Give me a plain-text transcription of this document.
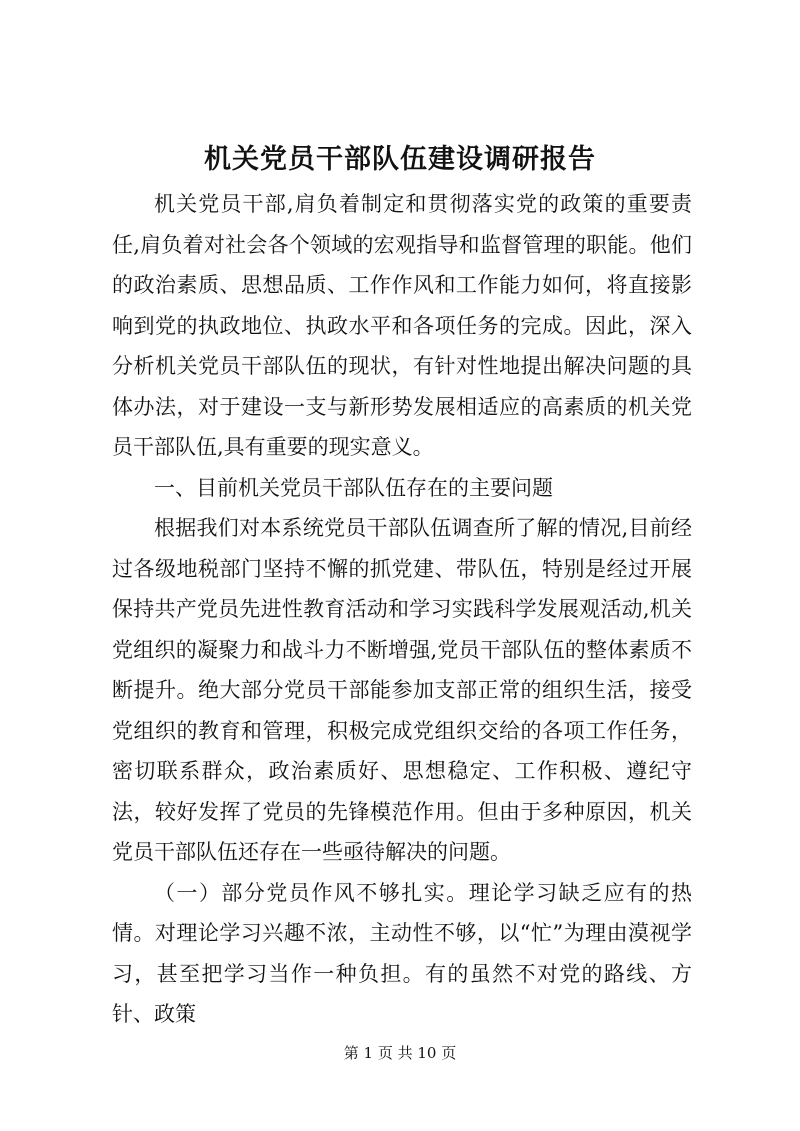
机关党员干部队伍建设调研报告

机关党员干部,肩负着制定和贯彻落实党的政策的重要责任,肩负着对社会各个领域的宏观指导和监督管理的职能。他们的政治素质、思想品质、工作作风和工作能力如何，将直接影响到党的执政地位、执政水平和各项任务的完成。因此，深入分析机关党员干部队伍的现状，有针对性地提出解决问题的具体办法，对于建设一支与新形势发展相适应的高素质的机关党员干部队伍,具有重要的现实意义。

一、目前机关党员干部队伍存在的主要问题

根据我们对本系统党员干部队伍调查所了解的情况,目前经过各级地税部门坚持不懈的抓党建、带队伍，特别是经过开展保持共产党员先进性教育活动和学习实践科学发展观活动,机关党组织的凝聚力和战斗力不断增强,党员干部队伍的整体素质不断提升。绝大部分党员干部能参加支部正常的组织生活，接受党组织的教育和管理，积极完成党组织交给的各项工作任务，密切联系群众，政治素质好、思想稳定、工作积极、遵纪守法，较好发挥了党员的先锋模范作用。但由于多种原因，机关党员干部队伍还存在一些亟待解决的问题。

（一）部分党员作风不够扎实。理论学习缺乏应有的热情。对理论学习兴趣不浓，主动性不够，以“忙”为理由漠视学习，甚至把学习当作一种负担。有的虽然不对党的路线、方针、政策

第 1 页 共 10 页
